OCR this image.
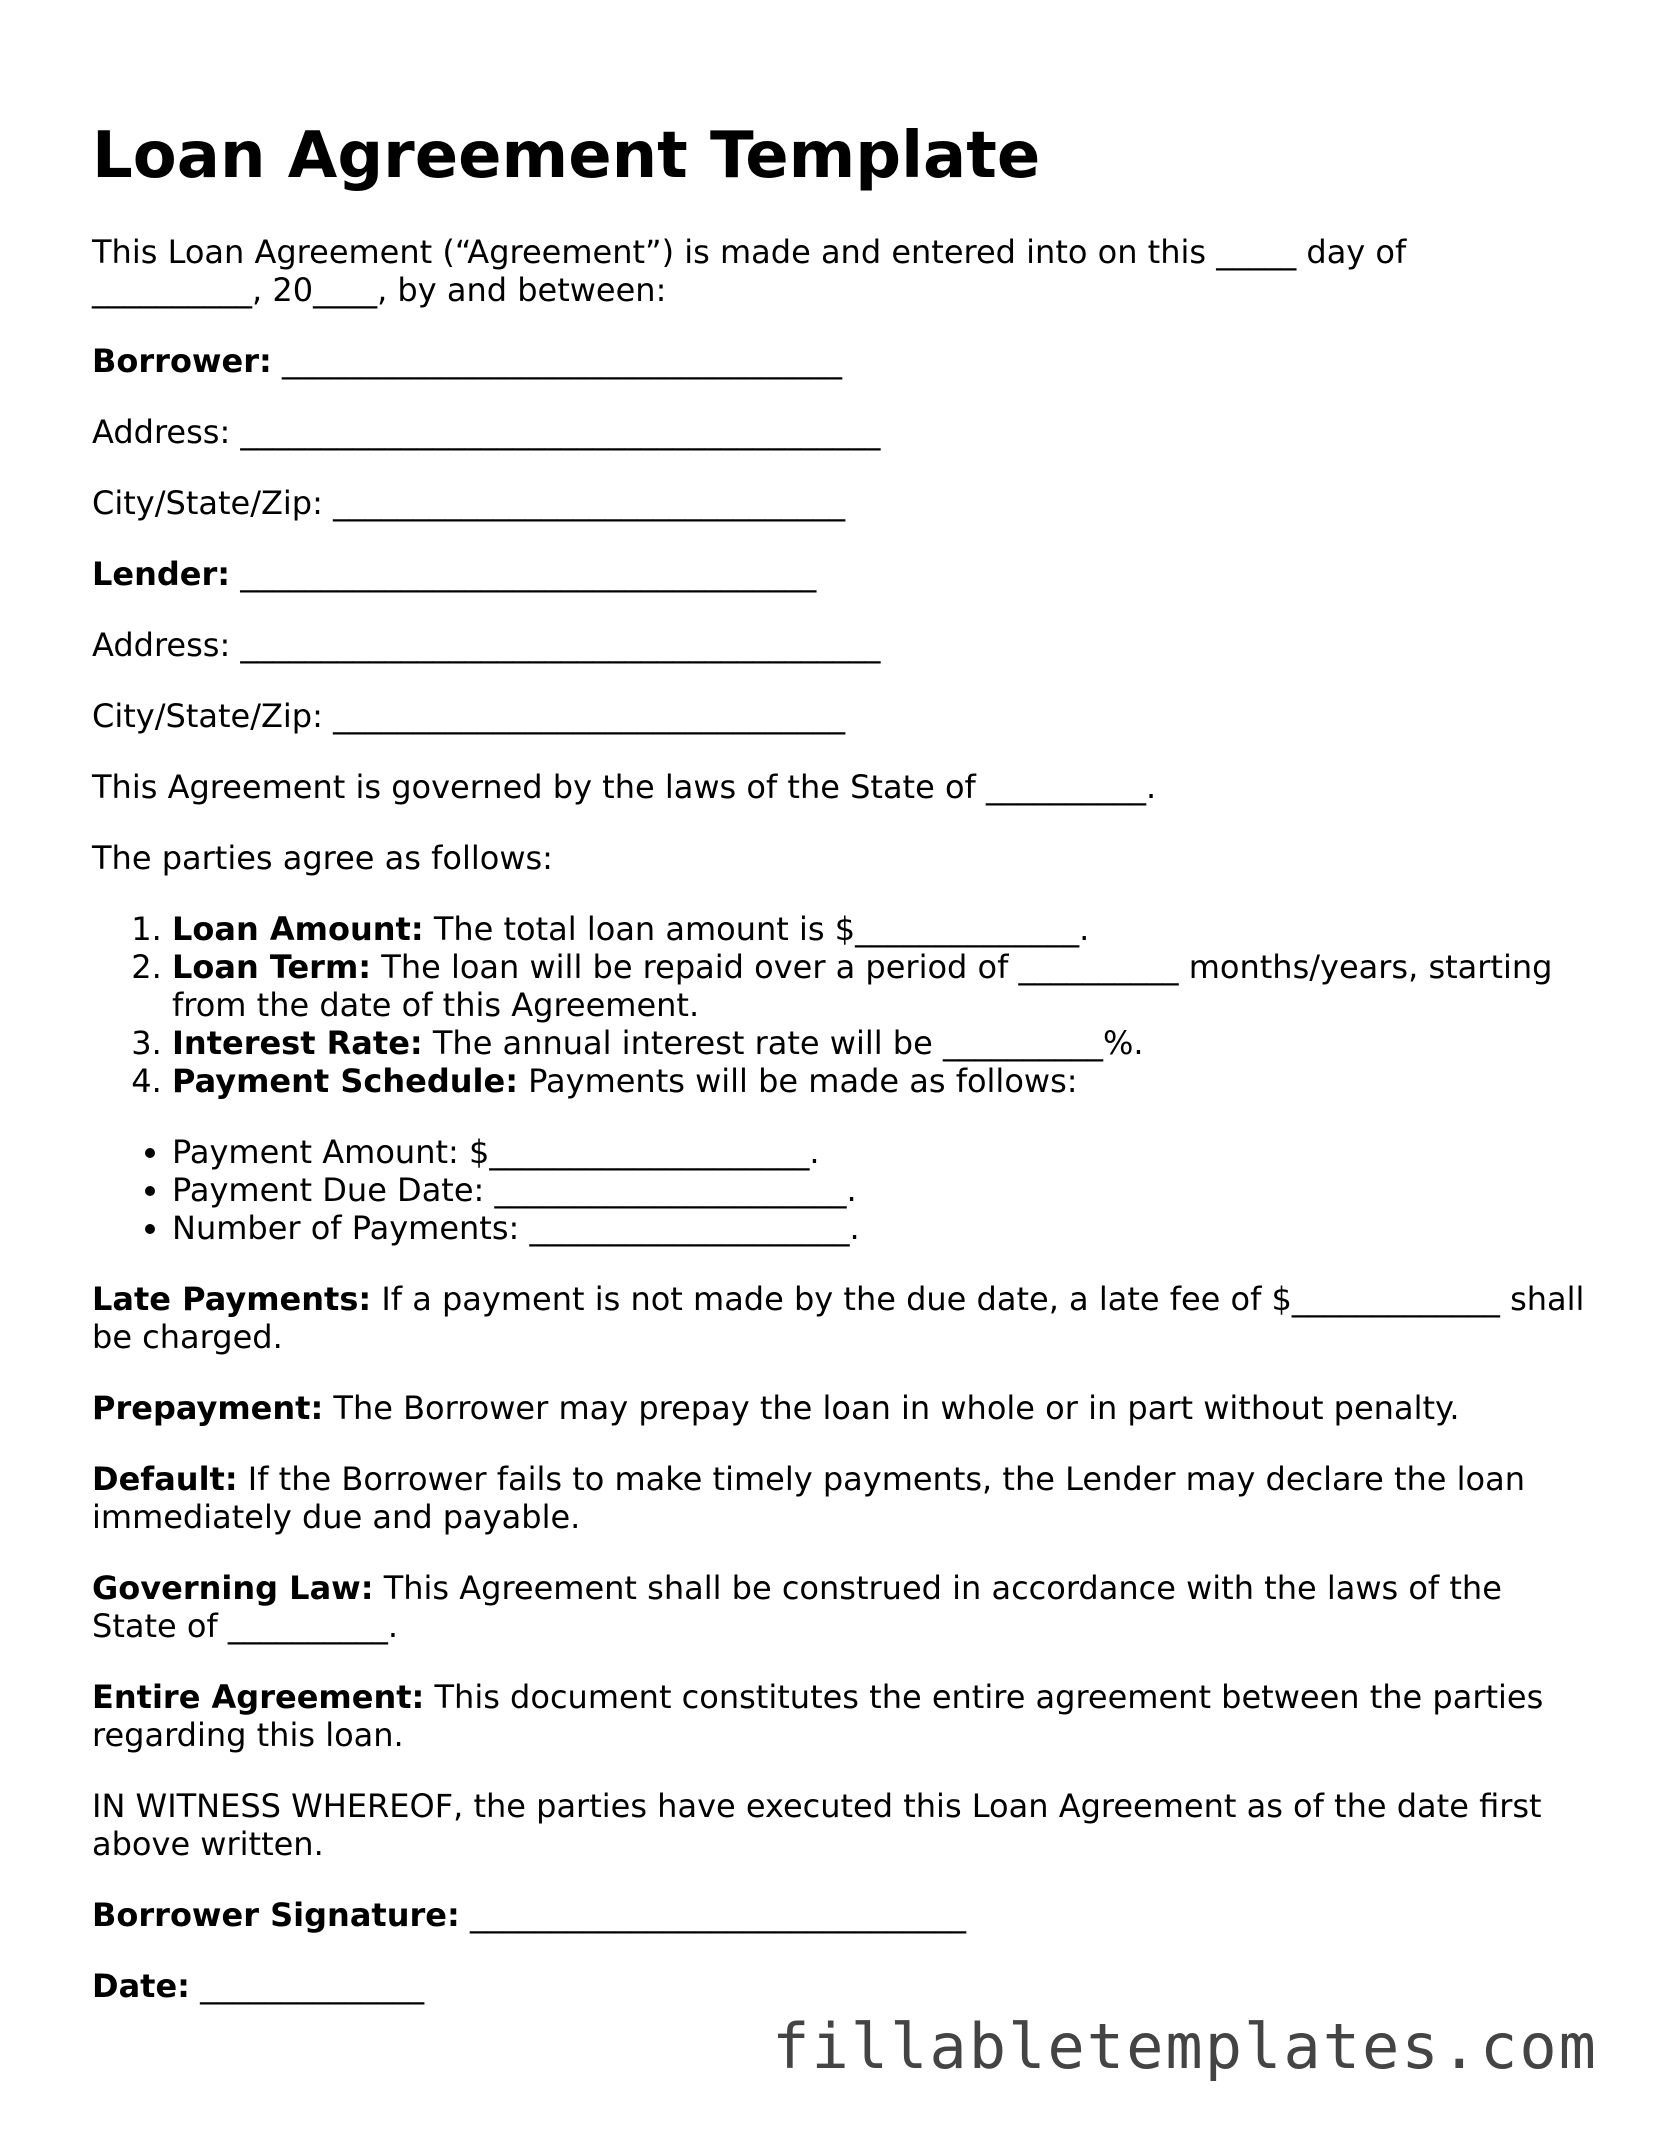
Loan Agreement Template

This Loan Agreement (“Agreement”) is made and entered into on this _____ day of
__________, 20____, by and between:

Borrower: ___________________________________

Address: ________________________________________

City/State/Zip: ________________________________

Lender: ____________________________________

Address: ________________________________________

City/State/Zip: ________________________________

This Agreement is governed by the laws of the State of __________.

The parties agree as follows:

1. Loan Amount: The total loan amount is $______________.
2. Loan Term: The loan will be repaid over a period of __________ months/years, starting from the date of this Agreement.
3. Interest Rate: The annual interest rate will be __________%.
4. Payment Schedule: Payments will be made as follows:
• Payment Amount: $____________________.
• Payment Due Date: ______________________.
• Number of Payments: ____________________.

Late Payments: If a payment is not made by the due date, a late fee of $_____________ shall be charged.

Prepayment: The Borrower may prepay the loan in whole or in part without penalty.

Default: If the Borrower fails to make timely payments, the Lender may declare the loan immediately due and payable.

Governing Law: This Agreement shall be construed in accordance with the laws of the State of __________.

Entire Agreement: This document constitutes the entire agreement between the parties regarding this loan.

IN WITNESS WHEREOF, the parties have executed this Loan Agreement as of the date first above written.

Borrower Signature: _______________________________

Date: ______________

fillabletemplates.com
